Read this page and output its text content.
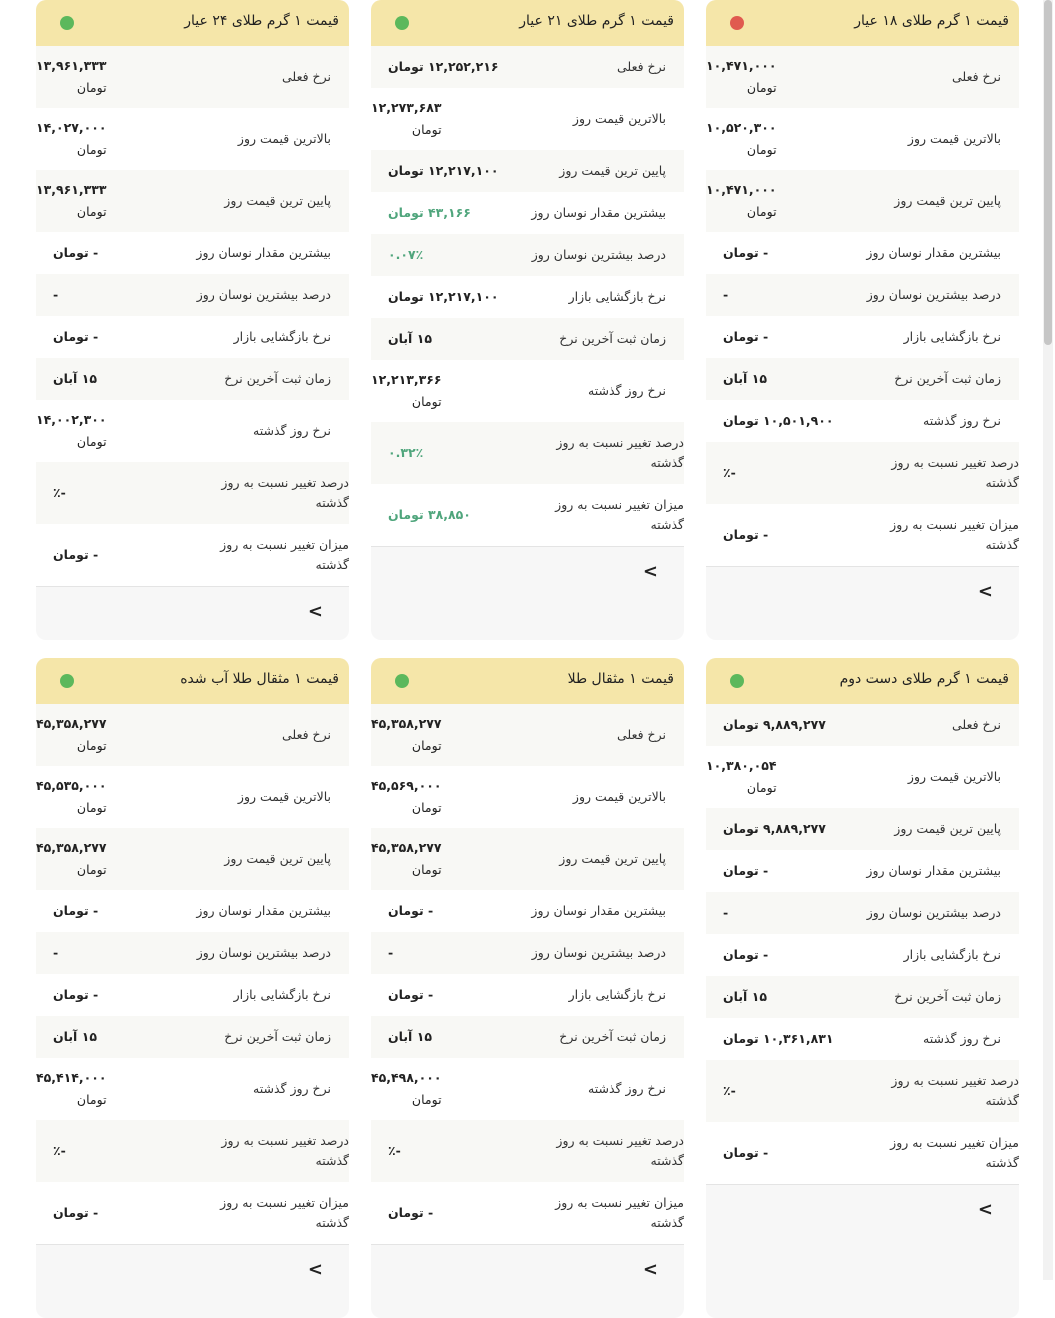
قیمت ۱ گرم طلای ۱۸ عیار
نرخ فعلی
۱۰,۴۷۱,۰۰۰
تومان
بالاترین قیمت روز
۱۰,۵۲۰,۳۰۰
تومان
پایین ترین قیمت روز
۱۰,۴۷۱,۰۰۰
تومان
بیشترین مقدار نوسان روز
- تومان
درصد بیشترین نوسان روز
-
نرخ بازگشایی بازار
- تومان
زمان ثبت آخرین نرخ
۱۵ آبان
نرخ روز گذشته
۱۰,۵۰۱,۹۰۰ تومان
درصد تغییر نسبت به روز گذشته
-٪
میزان تغییر نسبت به روز گذشته
- تومان
<
قیمت ۱ گرم طلای ۲۱ عیار
نرخ فعلی
۱۲,۲۵۲,۲۱۶ تومان
بالاترین قیمت روز
۱۲,۲۷۳,۶۸۳
تومان
پایین ترین قیمت روز
۱۲,۲۱۷,۱۰۰ تومان
بیشترین مقدار نوسان روز
۴۳,۱۶۶ تومان
درصد بیشترین نوسان روز
۰.۰۷٪
نرخ بازگشایی بازار
۱۲,۲۱۷,۱۰۰ تومان
زمان ثبت آخرین نرخ
۱۵ آبان
نرخ روز گذشته
۱۲,۲۱۳,۳۶۶
تومان
درصد تغییر نسبت به روز گذشته
۰.۳۲٪
میزان تغییر نسبت به روز گذشته
۳۸,۸۵۰ تومان
<
قیمت ۱ گرم طلای ۲۴ عیار
نرخ فعلی
۱۳,۹۶۱,۳۳۳
تومان
بالاترین قیمت روز
۱۴,۰۲۷,۰۰۰
تومان
پایین ترین قیمت روز
۱۳,۹۶۱,۳۳۳
تومان
بیشترین مقدار نوسان روز
- تومان
درصد بیشترین نوسان روز
-
نرخ بازگشایی بازار
- تومان
زمان ثبت آخرین نرخ
۱۵ آبان
نرخ روز گذشته
۱۴,۰۰۲,۳۰۰
تومان
درصد تغییر نسبت به روز گذشته
-٪
میزان تغییر نسبت به روز گذشته
- تومان
<
قیمت ۱ گرم طلای دست دوم
نرخ فعلی
۹,۸۸۹,۲۷۷ تومان
بالاترین قیمت روز
۱۰,۳۸۰,۰۵۴
تومان
پایین ترین قیمت روز
۹,۸۸۹,۲۷۷ تومان
بیشترین مقدار نوسان روز
- تومان
درصد بیشترین نوسان روز
-
نرخ بازگشایی بازار
- تومان
زمان ثبت آخرین نرخ
۱۵ آبان
نرخ روز گذشته
۱۰,۳۶۱,۸۳۱ تومان
درصد تغییر نسبت به روز گذشته
-٪
میزان تغییر نسبت به روز گذشته
- تومان
<
قیمت ۱ مثقال طلا
نرخ فعلی
۴۵,۳۵۸,۲۷۷
تومان
بالاترین قیمت روز
۴۵,۵۶۹,۰۰۰
تومان
پایین ترین قیمت روز
۴۵,۳۵۸,۲۷۷
تومان
بیشترین مقدار نوسان روز
- تومان
درصد بیشترین نوسان روز
-
نرخ بازگشایی بازار
- تومان
زمان ثبت آخرین نرخ
۱۵ آبان
نرخ روز گذشته
۴۵,۴۹۸,۰۰۰
تومان
درصد تغییر نسبت به روز گذشته
-٪
میزان تغییر نسبت به روز گذشته
- تومان
<
قیمت ۱ مثقال طلا آب شده
نرخ فعلی
۴۵,۳۵۸,۲۷۷
تومان
بالاترین قیمت روز
۴۵,۵۳۵,۰۰۰
تومان
پایین ترین قیمت روز
۴۵,۳۵۸,۲۷۷
تومان
بیشترین مقدار نوسان روز
- تومان
درصد بیشترین نوسان روز
-
نرخ بازگشایی بازار
- تومان
زمان ثبت آخرین نرخ
۱۵ آبان
نرخ روز گذشته
۴۵,۴۱۴,۰۰۰
تومان
درصد تغییر نسبت به روز گذشته
-٪
میزان تغییر نسبت به روز گذشته
- تومان
<
